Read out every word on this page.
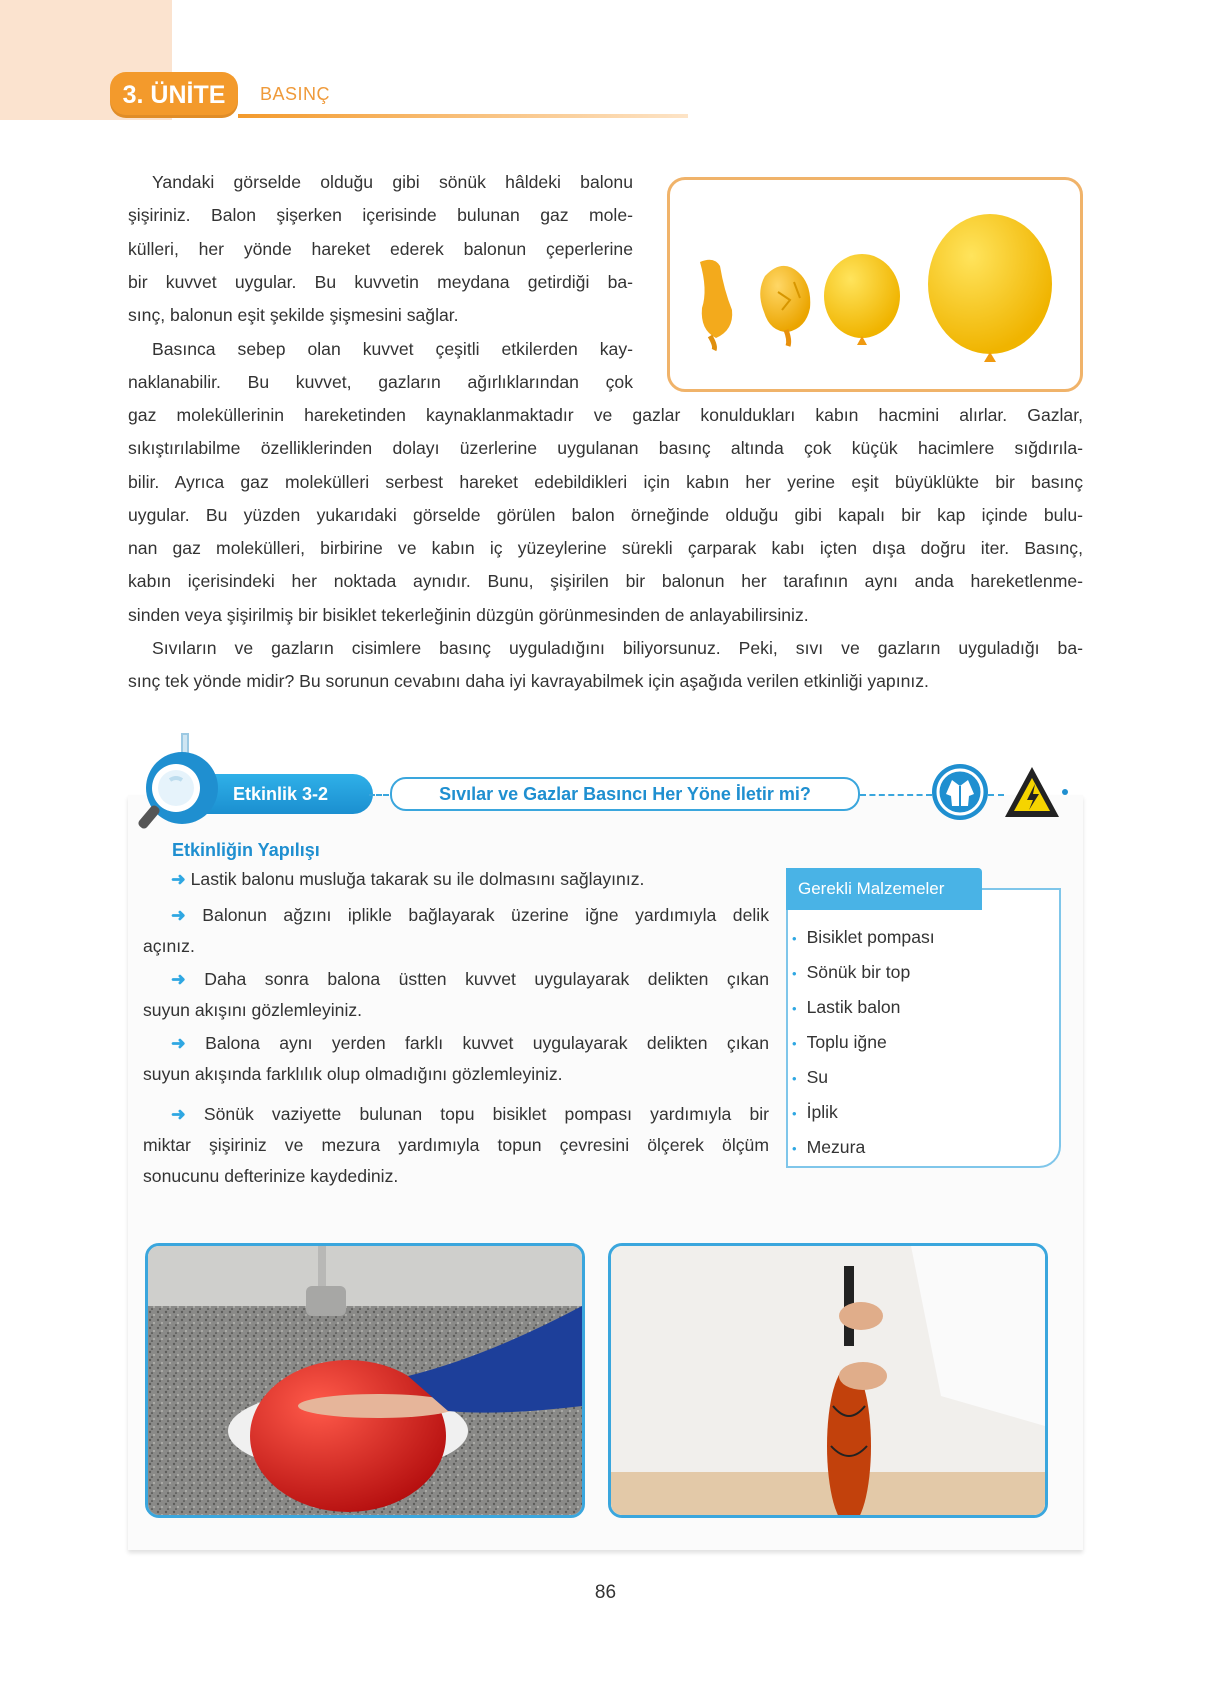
3. ÜNİTE	BASINÇ
Yandaki görselde olduğu gibi sönük hâldeki balonu
şişiriniz. Balon şişerken içerisinde bulunan gaz mole-
külleri, her yönde hareket ederek balonun çeperlerine
bir kuvvet uygular. Bu kuvvetin meydana getirdiği ba-
sınç, balonun eşit şekilde şişmesini sağlar.
Basınca sebep olan kuvvet çeşitli etkilerden kay-
naklanabilir. Bu kuvvet, gazların ağırlıklarından çok
gaz moleküllerinin hareketinden kaynaklanmaktadır ve gazlar konuldukları kabın hacmini alırlar. Gazlar,
sıkıştırılabilme özelliklerinden dolayı üzerlerine uygulanan basınç altında çok küçük hacimlere sığdırıla-
bilir. Ayrıca gaz molekülleri serbest hareket edebildikleri için kabın her yerine eşit büyüklükte bir basınç
uygular. Bu yüzden yukarıdaki görselde görülen balon örneğinde olduğu gibi kapalı bir kap içinde bulu-
nan gaz molekülleri, birbirine ve kabın iç yüzeylerine sürekli çarparak kabı içten dışa doğru iter. Basınç,
kabın içerisindeki her noktada aynıdır. Bunu, şişirilen bir balonun her tarafının aynı anda hareketlenme-
sinden veya şişirilmiş bir bisiklet tekerleğinin düzgün görünmesinden de anlayabilirsiniz.
Sıvıların ve gazların cisimlere basınç uyguladığını biliyorsunuz. Peki, sıvı ve gazların uyguladığı ba-
sınç tek yönde midir? Bu sorunun cevabını daha iyi kavrayabilmek için aşağıda verilen etkinliği yapınız.
Etkinlik 3-2	Sıvılar ve Gazlar Basıncı Her Yöne İletir mi?
Etkinliğin Yapılışı
➜ Lastik balonu musluğa takarak su ile dolmasını sağlayınız.
➜ Balonun ağzını iplikle bağlayarak üzerine iğne yardımıyla delik
açınız.
➜ Daha sonra balona üstten kuvvet uygulayarak delikten çıkan
suyun akışını gözlemleyiniz.
➜ Balona aynı yerden farklı kuvvet uygulayarak delikten çıkan
suyun akışında farklılık olup olmadığını gözlemleyiniz.
➜ Sönük vaziyette bulunan topu bisiklet pompası yardımıyla bir
miktar şişiriniz ve mezura yardımıyla topun çevresini ölçerek ölçüm
sonucunu defterinize kaydediniz.
Gerekli Malzemeler
• Bisiklet pompası
• Sönük bir top
• Lastik balon
• Toplu iğne
• Su
• İplik
• Mezura
86
